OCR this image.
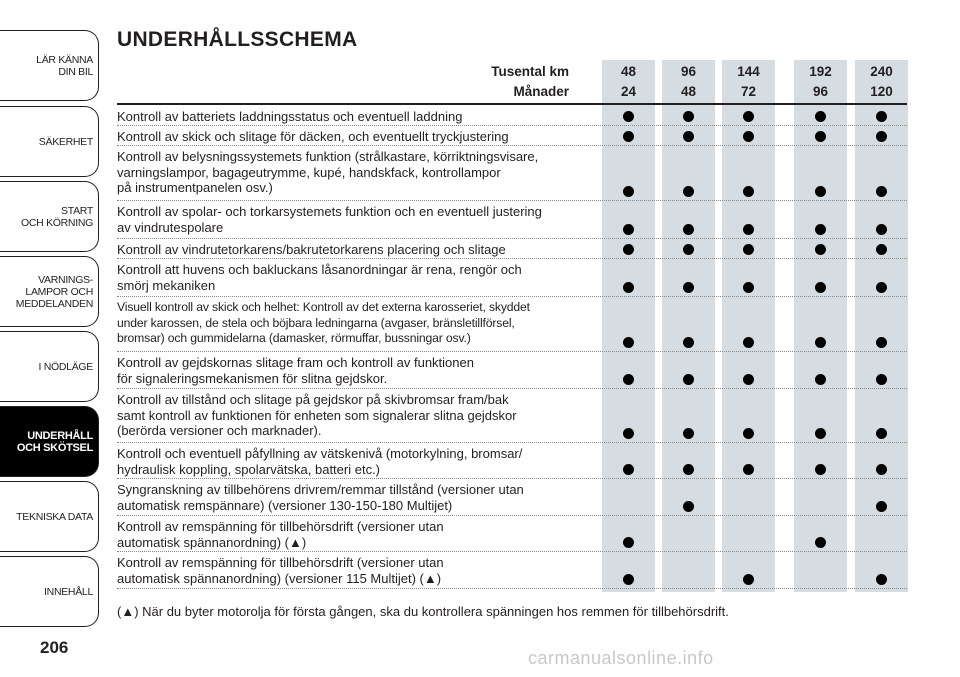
LÄR KÄNNA
DIN BIL
SÄKERHET
START
OCH KÖRNING
VARNINGS-
LAMPOR OCH
MEDDELANDEN
I NÖDLÄGE
UNDERHÅLL
OCH SKÖTSEL
TEKNISKA DATA
INNEHÅLL
206
UNDERHÅLLSSCHEMA
Tusental km
Månader
48
24
96
48
144
72
192
96
240
120
Kontroll av batteriets laddningsstatus och eventuell laddning
Kontroll av skick och slitage för däcken, och eventuellt tryckjustering
Kontroll av belysningssystemets funktion (strålkastare, körriktningsvisare,
varningslampor, bagageutrymme, kupé, handskfack, kontrollampor
på instrumentpanelen osv.)
Kontroll av spolar- och torkarsystemets funktion och en eventuell justering
av vindrutespolare
Kontroll av vindrutetorkarens/bakrutetorkarens placering och slitage
Kontroll att huvens och bakluckans låsanordningar är rena, rengör och
smörj mekaniken
Visuell kontroll av skick och helhet: Kontroll av det externa karosseriet, skyddet
under karossen, de stela och böjbara ledningarna (avgaser, bränsletillförsel,
bromsar) och gummidelarna (damasker, rörmuffar, bussningar osv.)
Kontroll av gejdskornas slitage fram och kontroll av funktionen
för signaleringsmekanismen för slitna gejdskor.
Kontroll av tillstånd och slitage på gejdskor på skivbromsar fram/bak
samt kontroll av funktionen för enheten som signalerar slitna gejdskor
(berörda versioner och marknader).
Kontroll och eventuell påfyllning av vätskenivå (motorkylning, bromsar/
hydraulisk koppling, spolarvätska, batteri etc.)
Syngranskning av tillbehörens drivrem/remmar tillstånd (versioner utan
automatisk remspännare) (versioner 130-150-180 Multijet)
Kontroll av remspänning för tillbehörsdrift (versioner utan
automatisk spännanordning) (▲)
Kontroll av remspänning för tillbehörsdrift (versioner utan
automatisk spännanordning) (versioner 115 Multijet) (▲)
(▲) När du byter motorolja för första gången, ska du kontrollera spänningen hos remmen för tillbehörsdrift.
carmanualsonline.info
